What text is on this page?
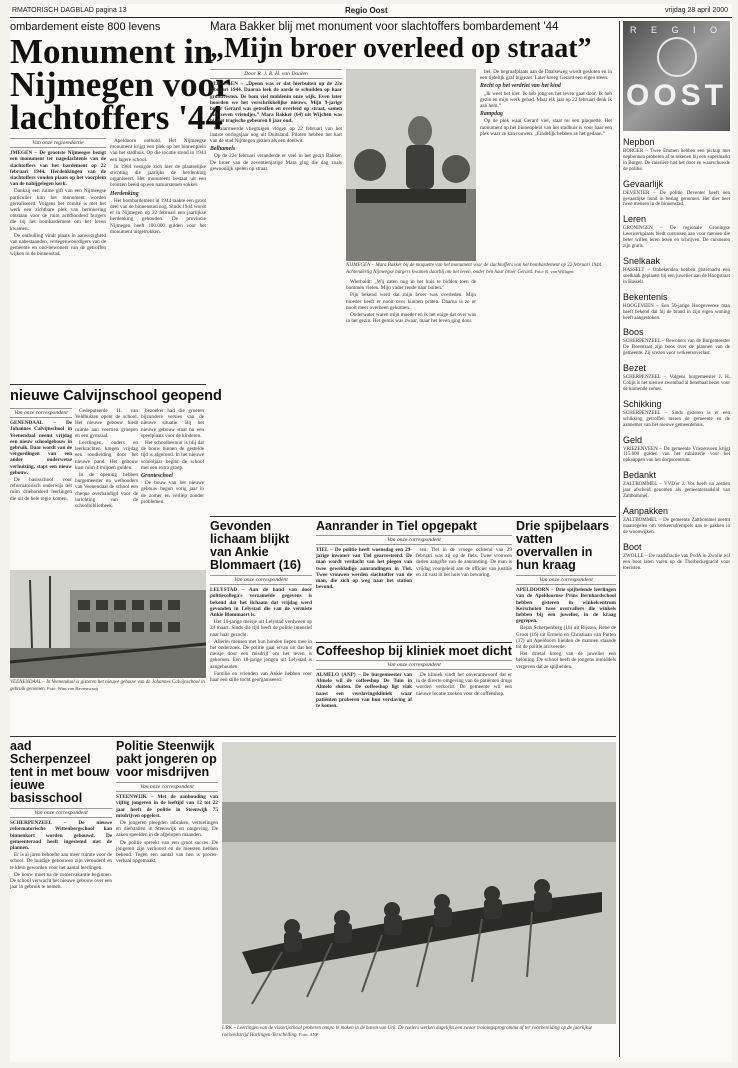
RMATORISCH DAGBLAD pagina 13	Regio Oost	vrijdag 28 april 2000
ombardement eiste 800 levens
Monument in
Nijmegen voor
lachtoffers '44
Van onze regioredactie

JMEGEN – De grootste Nijmeegse bezigt een monument ter nagedachtenis van de slachtoffers van het bardement op 22 februari 1944. Herdenkingen van de slachtoffers vonden plaats op het voorplein van de nabijgelegen kerk.

Dankzij een ruime gift van een Nijmeegse particulier kon het monument worden gerealiseerd. Volgens het comité is met het werk een zichtbare plek van herinnering ontstaan voor de ruim achthonderd burgers die bij het bombardement om het leven kwamen.

De onthulling vindt plaats in aanwezigheid van nabestaanden, vertegenwoordigers van de gemeente en oud-bewoners van de getroffen wijken in de binnenstad.

Apeldoorn onthuld. Het Nijmeegse monument krijgt een plek op het binnenplein van het stadhuis. Op die locatie stond in 1944 een lagere school.

In 1984 vestigde zich hier de plaatselijke stichting die jaarlijks de herdenking organiseert. Het monument bestaat uit een bronzen beeld op een natuurstenen sokkel.

Herdenking

Het bombardement in 1944 raakte een groot deel van de binnenstad nog. Sinds 1944 wordt er in Nijmegen op 22 februari een jaarlijkse herdenking gehouden. De provincie Nijmegen heeft 100.000 gulden voor het monument uitgetrokken.

Mara Bakker blij met monument voor slachtoffers bombardement '44
„Mijn broer overleed op straat”
Door R. J. R. H. van Daalen

NIJMEGEN – „Dpenn was er dat hierbuiten op de 22e februari 1944. Daarna leek de aarde te schudden op haar grondvesten. De bom viel middenin onze wijk. Even later hoorden we het verschrikkelijke nieuws. Mijn 9-jarige broer Gerard was getroffen en overleed op straat, samen met zeven vriendjes.” Mara Bakker (64) uit Wijchen was bij het tragische gebeuren 8 jaar oud.

Gealarmeerde vliegtuigen vlogen op 22 februari van het laatste oorlogsjaar nog uit Duitsland. Piloten hebben het hart van de stad Nijmegen gezien als een doelwit.

Belhamels

Op de 22e februari veranderde er veel in het gezin Bakker. De broer van de zeventienjarige Mara ging die dag zoals gewoonlijk spelen op straat.

bel. De begraafplaats aan de Daalseweg wordt gesloten en in een tijdelijk graf bijgezet. Later kreeg Gerard een eigen steen.

Recht op het verdriet van het kind

„Ik weet het niet. Ik heb jong en het leven gaat door. Ik heb gezin en mijn werk gehad. Maar elk jaar op 22 februari denk ik aan hem.”

Rampdag

Op de plek waar Gerard viel, staat nu een plaquette. Het monument op het binnenplein van het stadhuis is voor haar een plek waar ze kan rouwen. „Eindelijk hebben ze het gedaan.”

NIJMEGEN – Mara Bakker bij de maquette van het monument voor de slachtoffers van het bombardement op 22 februari 1944. Achtendertig Nijmeegse burgers kwamen daarbij om het leven, onder hen haar broer Gerard. Foto: R. van Willigen

Wierbaldt: „Wij zaten nog in het huis te bidden toen de bommen vielen. Mijn vader rende naar buiten.”

Pijn bekend werd dat mijn broer was overleden. Mijn moeder heeft er nooit over kunnen praten. Daarna is ze er nooit meer overheen gekomen.

Onderwater waren mijn moeder en ik het enige dat over was in het gezin. Het gemis was zwaar, maar het leven ging door.

nieuwe Calvijnschool geopend
Van onze correspondent

GENENDAAL – De Johannes Calvijnschool in Veenendaal neemt vrijdag een nieuw schoolgebouw in gebruik. Daar wordt van de vergoedingen van een ander ouderwetse verhuizing, stapt een nieuw gebouw.

De basisschool voor reformatorisch onderwijs telt ruim driehonderd leerlingen die uit de hele regio komen.

Gedeputeerde H. van Veldhuizen opent de school. Het nieuwe gebouw biedt ruimte aan veertien groepen en een gymzaal.

Leerlingen, ouders en leerkrachten kregen vrijdag een rondleiding door het nieuwe pand. Het gebouw kost ruim 4 miljoen gulden.

In de opening hebben burgemeester en wethouders van Veenendaal de school een cheque overhandigd voor de inrichting van de schoolbibliotheek.

bezoeker had die groeten bijzondere versies van de nieuwe situatie. Bij het nieuwe gebouw staat nu een speelplaats voor de kinderen.

Het schoolbestuur is blij dat de bouw binnen de gestelde tijd is afgerond. In het nieuwe schooljaar begint de school met een extra groep.

Gronteschoel

De bouw van het nieuwe gebouw begon vorig jaar in de zomer en verliep zonder problemen.

VEENENDAAL – In Veenendaal is gisteren het nieuwe gebouw van de Johannes Calvijnschool in gebruik genomen. Foto: Wim van Ravenswaaij
Gevonden lichaam blijkt van Ankie Blommaert (16)
Van onze correspondent

LELYSTAD – Aan de hand van door politiecollega's verzamelde gegevens is bekend dat het lichaam dat vrijdag werd gevonden in Lelystad die van de vermiste Ankie Blommaert is.

Het 16-jarige meisje uit Lelystad verdween op 24 maart. Sinds die tijd heeft de politie intensief naar haar gezocht.

Allerlei mensen met hun honden liepen mee in het onderzoek. De politie gaat ervan uit dat het meisje door een misdrijf om het leven is gekomen. Een 18-jarige jongen uit Lelystad is aangehouden.

Familie en vrienden van Ankie hebben voor haar een stille tocht georganiseerd.

Aanrander in Tiel opgepakt
Van onze correspondent

TIEL – De politie heeft woensdag een 29-jarige inwoner van Tiel gearresteerd. De man wordt verdacht van het plegen van twee geweldadige aanrandingen in Tiel. Twee vrouwen werden slachtoffer van de man, die zich op weg naar het station bevond.

ten. Tiel in de vroege ochtend van 29 februari was zij op de fiets. Twee vrouwen deden aangifte van de aanranding. De man is vrijdag voorgeleid aan de officier van justitie en zit vast in het huis van bewaring.

Coffeeshop bij kliniek moet dicht
Van onze correspondent

ALMELO (ANP) – De burgemeester van Almelo wil de coffeeshop De Tuin in Almelo sluiten. De coffeeshop ligt vlak naast een verslavingskliniek waar patiënten proberen van hun verslaving af te komen.

De kliniek vindt het onverantwoord dat er in de directe omgeving van de patiënten drugs worden verkocht. De gemeente wil een nieuwe locatie zoeken voor de coffeeshop.

Drie spijbelaars vatten overvallen in hun kraag
Van onze correspondent

APELDOORN – Drie spijbelende leerlingen van de Apeldoornse Prins Bernhardschool hebben gisteren in winkelcentrum Kerschoten twee overvallers die winkels hebben bij een juwelier, in de kraag gegrepen.

Rejan Scherpenberg (16) uit Rijssen, René de Groot (16) uit Ermelo en Christiaan van Putten (17) uit Apeldoorn hielden de mannen staande tot de politie arriveerde.

Het drietal kreeg van de juwelier een beloning. De school heeft de jongens inmiddels vergeven dat ze spijbelden.

aad Scherpenzeel tent in met bouw ieuwe basisschool
Van onze correspondent

SCHERPENZEEL – De nieuwe reformatorische Wittenbergschool kan binnenkort worden gebouwd. De gemeenteraad heeft ingestemd met de plannen.

Er is al jaren behoefte aan meer ruimte voor de school. De huidige gebouwen zijn verouderd en te klein geworden voor het aantal leerlingen.

De bouw moet na de zomervakantie beginnen. De school verwacht het nieuwe gebouw over een jaar in gebruik te nemen.

Politie Steenwijk pakt jongeren op voor misdrijven
Van onze correspondent

STEENWIJK – Met de aanhouding van vijftig jongeren in de leeftijd van 12 tot 22 jaar heeft de politie in Steenwijk 75 misdrijven opgelost.

De jongeren pleegden inbraken, vernielingen en diefstallen in Steenwijk en omgeving. De zaken speelden in de afgelopen maanden.

De politie spreekt van een groot succes. De jongeren zijn verhoord en de meesten hebben bekend. Tegen een aantal van hen is proces-verbaal opgemaakt.

URK – Leerlingen van de visserijschool proberen tempo te maken in de haven van Urk. De roeiers werken dagelijks een zwaar trainingsprogramma af ter voorbereiding op de jaarlijkse roeiwedstrijd Harlingen-Terschelling. Foto: ANP
R E G I O
OOST
Nepbon
BORGER – Twee Emmen hebben een pickup met nepbonnen proberen af te rekenen bij een supermarkt in Borger. De caissière had het door en waarschuwde de politie.
Gevaarlijk
DEVENTER – De politie Deventer heeft een gevaarlijke hond in beslag genomen. Het dier beet twee mensen in de binnenstad.
Leren
GRONINGEN – De regionale Groningse Leeswerkplaats biedt cursussen aan voor mensen die beter willen leren lezen en schrijven. De cursussen zijn gratis.
Snelkaak
HASSELT – Onbekenden hebben gisternacht een snelkaak geplaatst bij een juwelier aan de Hoogstraat in Hasselt.
Bekentenis
HOOGEVEEN – Een 50-jarige Hoogeveense man heeft bekend dat hij de brand in zijn eigen woning heeft aangestoken.
Boos
SCHERPENZEEL – Bewoners van de Burgemeester De Boerstraat zijn boos over de plannen van de gemeente. Zij vrezen voor verkeersoverlast.
Bezet
SCHERPENZEEL – Volgens burgemeester J. H. Colijn is het nieuwe zwembad al helemaal bezet voor de komende zomer.
Schikking
SCHERPENZEEL – Sinds gisteren is er een schikking getroffen tussen de gemeente en de aannemer van het nieuwe gemeentehuis.
Geld
VRIEZENVEEN – De gemeente Vriezenveen krijgt 115.000 gulden van het ministerie voor het opknappen van het dorpscentrum.
Bedankt
ZALTBOMMEL – VVD'er J. Vos heeft na zestien jaar afscheid genomen als gemeenteraadslid van Zaltbommel.
Aanpakken
ZALTBOMMEL – De gemeente Zaltbommel neemt maatregelen om verkeersdrempels aan te pakken in de woonwijken.
Boot
ZWOLLE – De raadsfractie van PvdA in Zwolle wil een boot laten varen op de Thorbeckegracht voor toeristen.
